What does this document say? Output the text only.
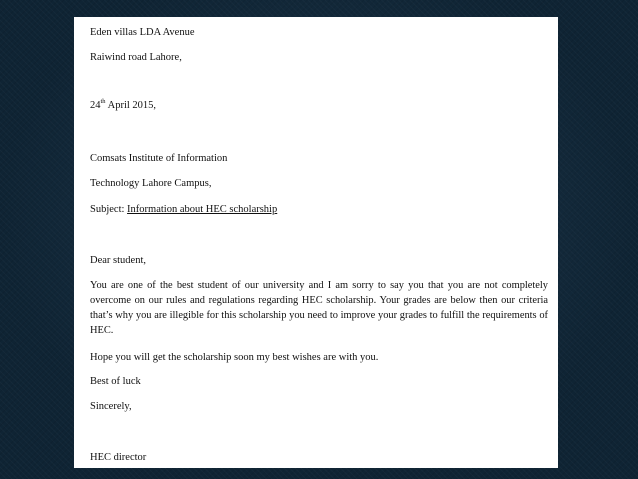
Eden villas LDA Avenue
Raiwind road Lahore,
24th April 2015,
Comsats Institute of Information
Technology Lahore Campus,
Subject: Information about HEC scholarship
Dear student,

You are one of the best student of our university and I am sorry to say you that you are not completely overcome on our rules and regulations regarding HEC scholarship. Your grades are below then our criteria that’s why you are illegible for this scholarship you need to improve your grades to fulfill the requirements of HEC.

Hope you will get the scholarship soon my best wishes are with you.
Best of luck
Sincerely,
HEC director
